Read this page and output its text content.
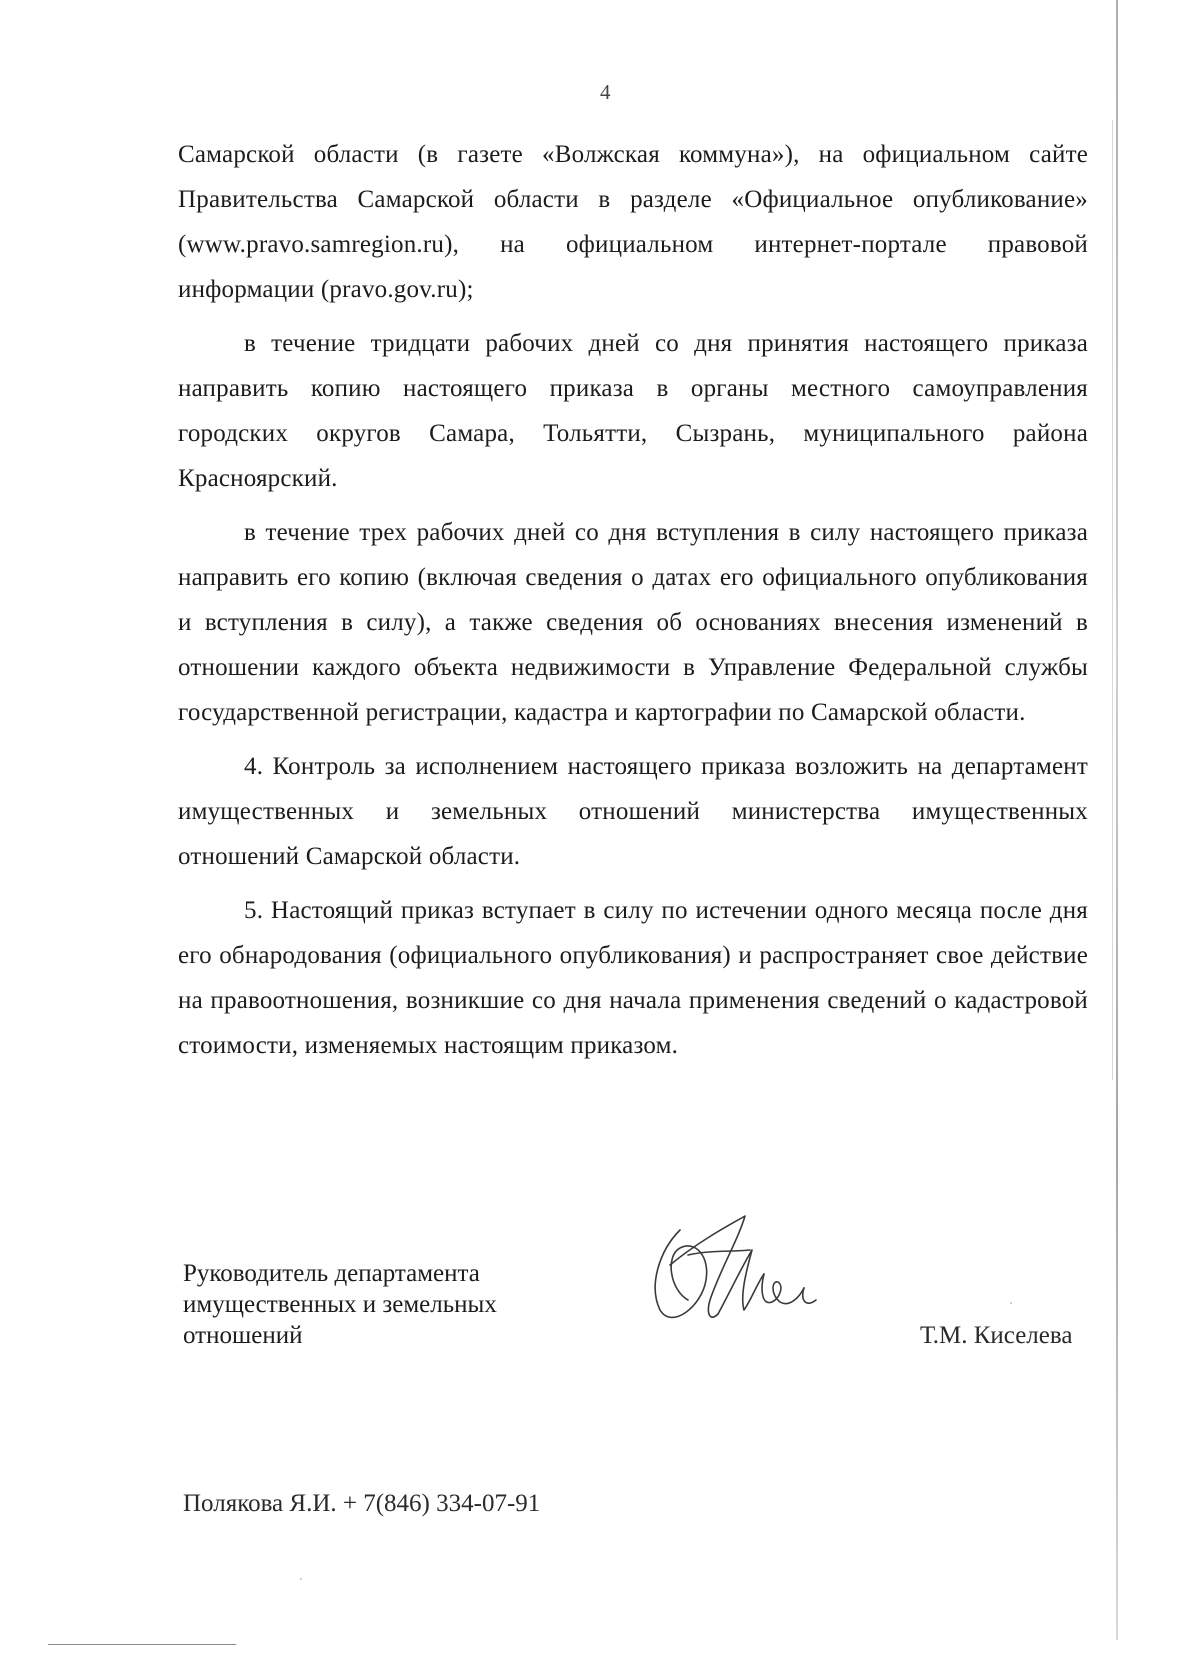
4

Самарской области (в газете «Волжская коммуна»), на официальном сайте Правительства Самарской области в разделе «Официальное опубликование» (www.pravo.samregion.ru), на официальном интернет-портале правовой информации (pravo.gov.ru);

в течение тридцати рабочих дней со дня принятия настоящего приказа направить копию настоящего приказа в органы местного самоуправления городских округов Самара, Тольятти, Сызрань, муниципального района Красноярский.

в течение трех рабочих дней со дня вступления в силу настоящего приказа направить его копию (включая сведения о датах его официального опубликования и вступления в силу), а также сведения об основаниях внесения изменений в отношении каждого объекта недвижимости в Управление Федеральной службы государственной регистрации, кадастра и картографии по Самарской области.

4. Контроль за исполнением настоящего приказа возложить на департамент имущественных и земельных отношений министерства имущественных отношений Самарской области.

5. Настоящий приказ вступает в силу по истечении одного месяца после дня его обнародования (официального опубликования) и распространяет свое действие на правоотношения, возникшие со дня начала применения сведений о кадастровой стоимости, изменяемых настоящим приказом.

Руководитель департамента
имущественных и земельных
отношений	Т.М. Киселева
Полякова Я.И. + 7(846) 334-07-91
